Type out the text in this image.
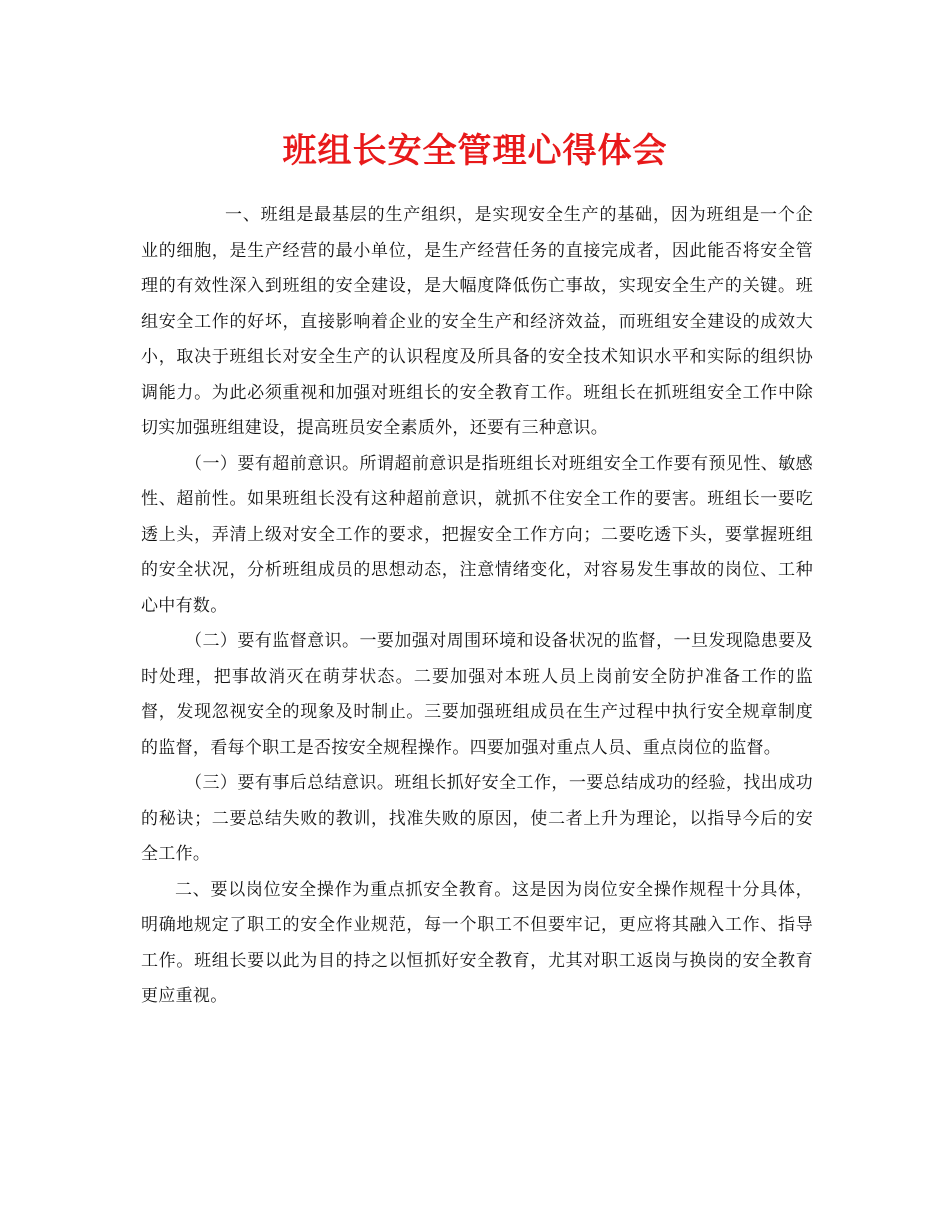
班组长安全管理心得体会

一、班组是最基层的生产组织，是实现安全生产的基础，因为班组是一个企业的细胞，是生产经营的最小单位，是生产经营任务的直接完成者，因此能否将安全管理的有效性深入到班组的安全建设，是大幅度降低伤亡事故，实现安全生产的关键。班组安全工作的好坏，直接影响着企业的安全生产和经济效益，而班组安全建设的成效大小，取决于班组长对安全生产的认识程度及所具备的安全技术知识水平和实际的组织协调能力。为此必须重视和加强对班组长的安全教育工作。班组长在抓班组安全工作中除切实加强班组建设，提高班员安全素质外，还要有三种意识。

（一）要有超前意识。所谓超前意识是指班组长对班组安全工作要有预见性、敏感性、超前性。如果班组长没有这种超前意识，就抓不住安全工作的要害。班组长一要吃透上头，弄清上级对安全工作的要求，把握安全工作方向；二要吃透下头，要掌握班组的安全状况，分析班组成员的思想动态，注意情绪变化，对容易发生事故的岗位、工种心中有数。

（二）要有监督意识。一要加强对周围环境和设备状况的监督，一旦发现隐患要及时处理，把事故消灭在萌芽状态。二要加强对本班人员上岗前安全防护准备工作的监督，发现忽视安全的现象及时制止。三要加强班组成员在生产过程中执行安全规章制度的监督，看每个职工是否按安全规程操作。四要加强对重点人员、重点岗位的监督。

（三）要有事后总结意识。班组长抓好安全工作，一要总结成功的经验，找出成功的秘诀；二要总结失败的教训，找准失败的原因，使二者上升为理论，以指导今后的安全工作。

二、要以岗位安全操作为重点抓安全教育。这是因为岗位安全操作规程十分具体，明确地规定了职工的安全作业规范，每一个职工不但要牢记，更应将其融入工作、指导工作。班组长要以此为目的持之以恒抓好安全教育，尤其对职工返岗与换岗的安全教育更应重视。
